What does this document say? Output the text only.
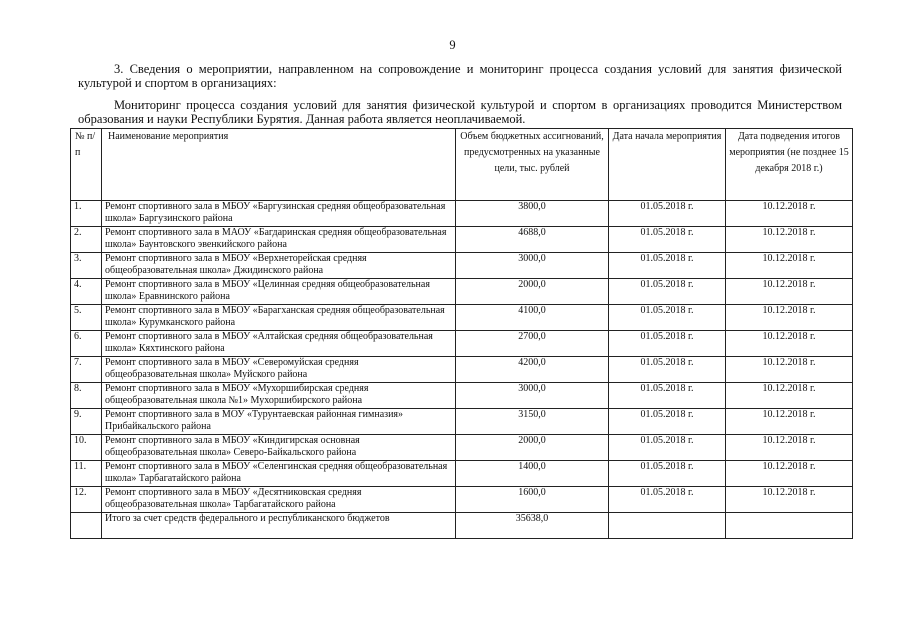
9
3. Сведения о мероприятии, направленном на сопровождение и мониторинг процесса создания условий для занятия физической культурой и спортом в организациях:
Мониторинг процесса создания условий для занятия физической культурой и спортом в организациях проводится Министерством образования и науки Республики Бурятия. Данная работа является неоплачиваемой.
№ п/п	Наименование мероприятия	Объем бюджетных ассигнований, предусмотренных на указанные цели, тыс. рублей	Дата начала мероприятия	Дата подведения итогов мероприятия (не позднее 15 декабря 2018 г.)
1.	Ремонт спортивного зала в МБОУ «Баргузинская средняя общеобразовательная школа» Баргузинского района	3800,0	01.05.2018 г.	10.12.2018 г.
2.	Ремонт спортивного зала в МАОУ «Багдаринская средняя общеобразовательная школа» Баунтовского эвенкийского района	4688,0	01.05.2018 г.	10.12.2018 г.
3.	Ремонт спортивного зала в МБОУ «Верхнеторейская средняя общеобразовательная школа» Джидинского района	3000,0	01.05.2018 г.	10.12.2018 г.
4.	Ремонт спортивного зала в МБОУ «Целинная средняя общеобразовательная школа» Еравнинского района	2000,0	01.05.2018 г.	10.12.2018 г.
5.	Ремонт спортивного зала в МБОУ «Барагханская средняя общеобразовательная школа» Курумканского района	4100,0	01.05.2018 г.	10.12.2018 г.
6.	Ремонт спортивного зала в МБОУ «Алтайская средняя общеобразовательная школа» Кяхтинского района	2700,0	01.05.2018 г.	10.12.2018 г.
7.	Ремонт спортивного зала в МБОУ «Северомуйская средняя общеобразовательная школа» Муйского района	4200,0	01.05.2018 г.	10.12.2018 г.
8.	Ремонт спортивного зала в МБОУ «Мухоршибирская средняя общеобразовательная школа №1» Мухоршибирского района	3000,0	01.05.2018 г.	10.12.2018 г.
9.	Ремонт спортивного зала в МОУ «Турунтаевская районная гимназия» Прибайкальского района	3150,0	01.05.2018 г.	10.12.2018 г.
10.	Ремонт спортивного зала в МБОУ «Киндигирская основная общеобразовательная школа» Северо-Байкальского района	2000,0	01.05.2018 г.	10.12.2018 г.
11.	Ремонт спортивного зала в МБОУ «Селенгинская средняя общеобразовательная школа» Тарбагатайского района	1400,0	01.05.2018 г.	10.12.2018 г.
12.	Ремонт спортивного зала в МБОУ «Десятниковская средняя общеобразовательная школа» Тарбагатайского района	1600,0	01.05.2018 г.	10.12.2018 г.
	Итого за счет средств федерального и республиканского бюджетов	35638,0		
